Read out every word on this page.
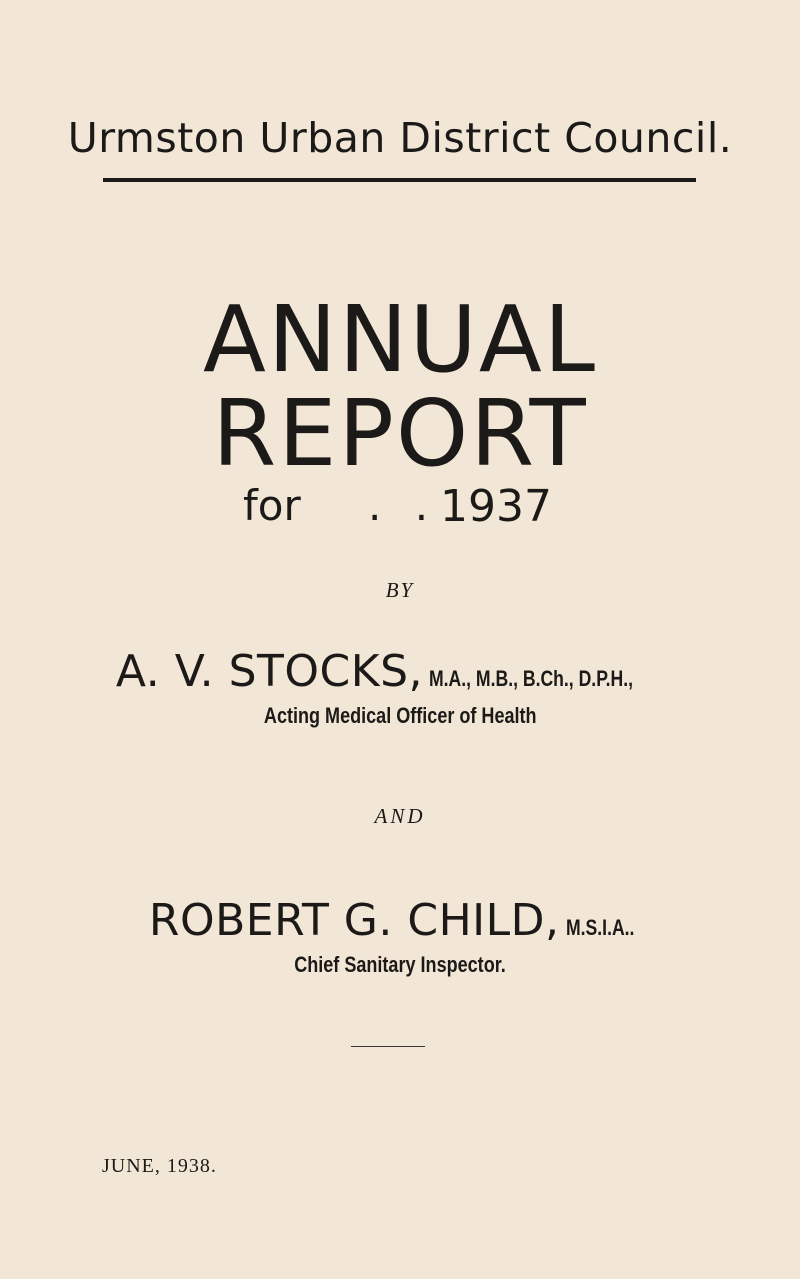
Urmston Urban District Council.
ANNUAL
REPORT
for . . 1937
BY
A. V. STOCKS, M.A., M.B., B.Ch., D.P.H.,
Acting Medical Officer of Health
AND
ROBERT G. CHILD, M.S.I.A..
Chief Sanitary Inspector.
JUNE, 1938.
